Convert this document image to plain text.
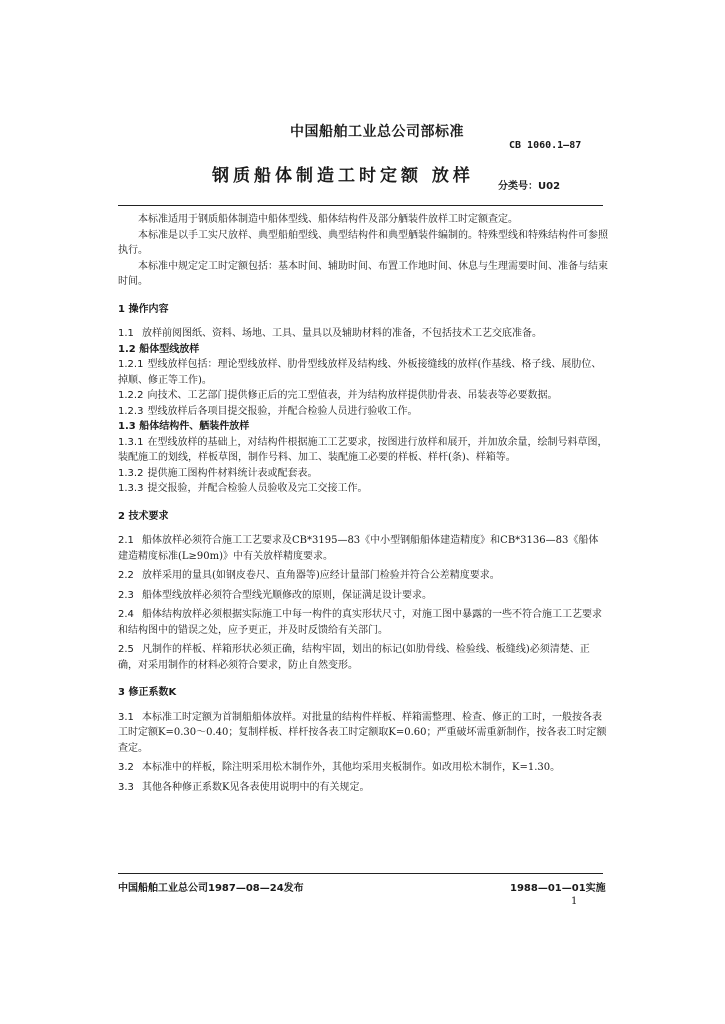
中国船舶工业总公司部标准
CB 1060.1—87
钢质船体制造工时定额 放样
分类号：U02

本标准适用于钢质船体制造中船体型线、船体结构件及部分舾装件放样工时定额查定。

本标准是以手工实尺放样、典型船舶型线、典型结构件和典型舾装件编制的。特殊型线和特殊结构件可参照执行。

本标准中规定定工时定额包括：基本时间、辅助时间、布置工作地时间、休息与生理需要时间、准备与结束时间。

1 操作内容

1.1 放样前阅图纸、资料、场地、工具、量具以及辅助材料的准备，不包括技术工艺交底准备。

1.2 船体型线放样

1.2.1 型线放样包括：理论型线放样、肋骨型线放样及结构线、外板接缝线的放样(作基线、格子线、展肋位、掉顺、修正等工作)。

1.2.2 向技术、工艺部门提供修正后的完工型值表，并为结构放样提供肋骨表、吊装表等必要数据。

1.2.3 型线放样后各项目提交报验，并配合检验人员进行验收工作。

1.3 船体结构件、舾装件放样

1.3.1 在型线放样的基础上，对结构件根据施工工艺要求，按图进行放样和展开，并加放余量，绘制号料草图，装配施工的划线，样板草图，制作号料、加工、装配施工必要的样板、样杆(条)、样箱等。

1.3.2 提供施工图构件材料统计表或配套表。

1.3.3 提交报验，并配合检验人员验收及完工交接工作。

2 技术要求

2.1 船体放样必须符合施工工艺要求及CB*3195—83《中小型钢船船体建造精度》和CB*3136—83《船体建造精度标准(L≥90m)》中有关放样精度要求。

2.2 放样采用的量具(如钢皮卷尺、直角器等)应经计量部门检验并符合公差精度要求。

2.3 船体型线放样必须符合型线光顺修改的原则，保证满足设计要求。

2.4 船体结构放样必须根据实际施工中每一构件的真实形状尺寸，对施工图中暴露的一些不符合施工工艺要求和结构图中的错误之处，应予更正，并及时反馈给有关部门。

2.5 凡制作的样板、样箱形状必须正确，结构牢固，划出的标记(如肋骨线、检验线、板缝线)必须清楚、正确，对采用制作的材料必须符合要求，防止自然变形。

3 修正系数K

3.1 本标准工时定额为首制船船体放样。对批量的结构件样板、样箱需整理、检查、修正的工时，一般按各表工时定额K=0.30～0.40；复制样板、样杆按各表工时定额取K=0.60；严重破坏需重新制作，按各表工时定额查定。

3.2 本标准中的样板，除注明采用松木制作外，其他均采用夹板制作。如改用松木制作，K=1.30。

3.3 其他各种修正系数K见各表使用说明中的有关规定。

中国船舶工业总公司1987—08—24发布	1988—01—01实施
1
